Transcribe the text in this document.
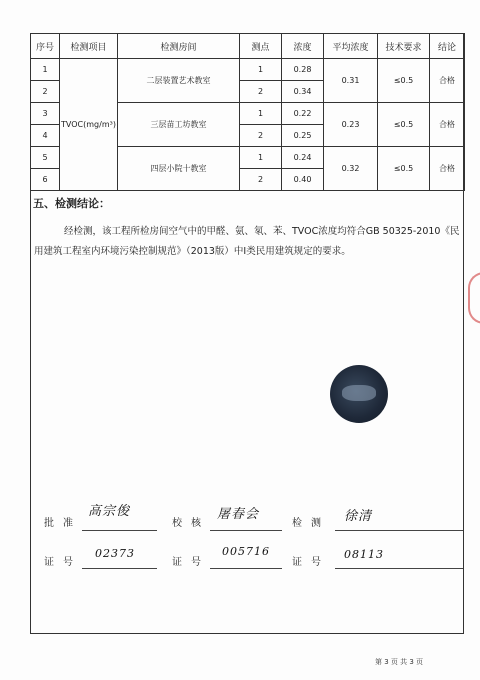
序号	检测项目	检测房间	测点	浓度	平均浓度	技术要求	结论
1	TVOC(mg/m³)	二层装置艺术教室	1	0.28	0.31	≤0.5	合格
2			2	0.34			
3		三层苗工坊教室	1	0.22	0.23	≤0.5	合格
4			2	0.25			
5		四层小院十教室	1	0.24	0.32	≤0.5	合格
6			2	0.40			
五、检测结论：
经检测，该工程所检房间空气中的甲醛、氨、氡、苯、TVOC浓度均符合GB 50325-2010《民用建筑工程室内环境污染控制规范》（2013版）中Ⅰ类民用建筑规定的要求。
批准
高宗俊
校核
屠春会
检测 徐清
证号
02373
证号
005716
证号
08113
第 3 页 共 3 页
